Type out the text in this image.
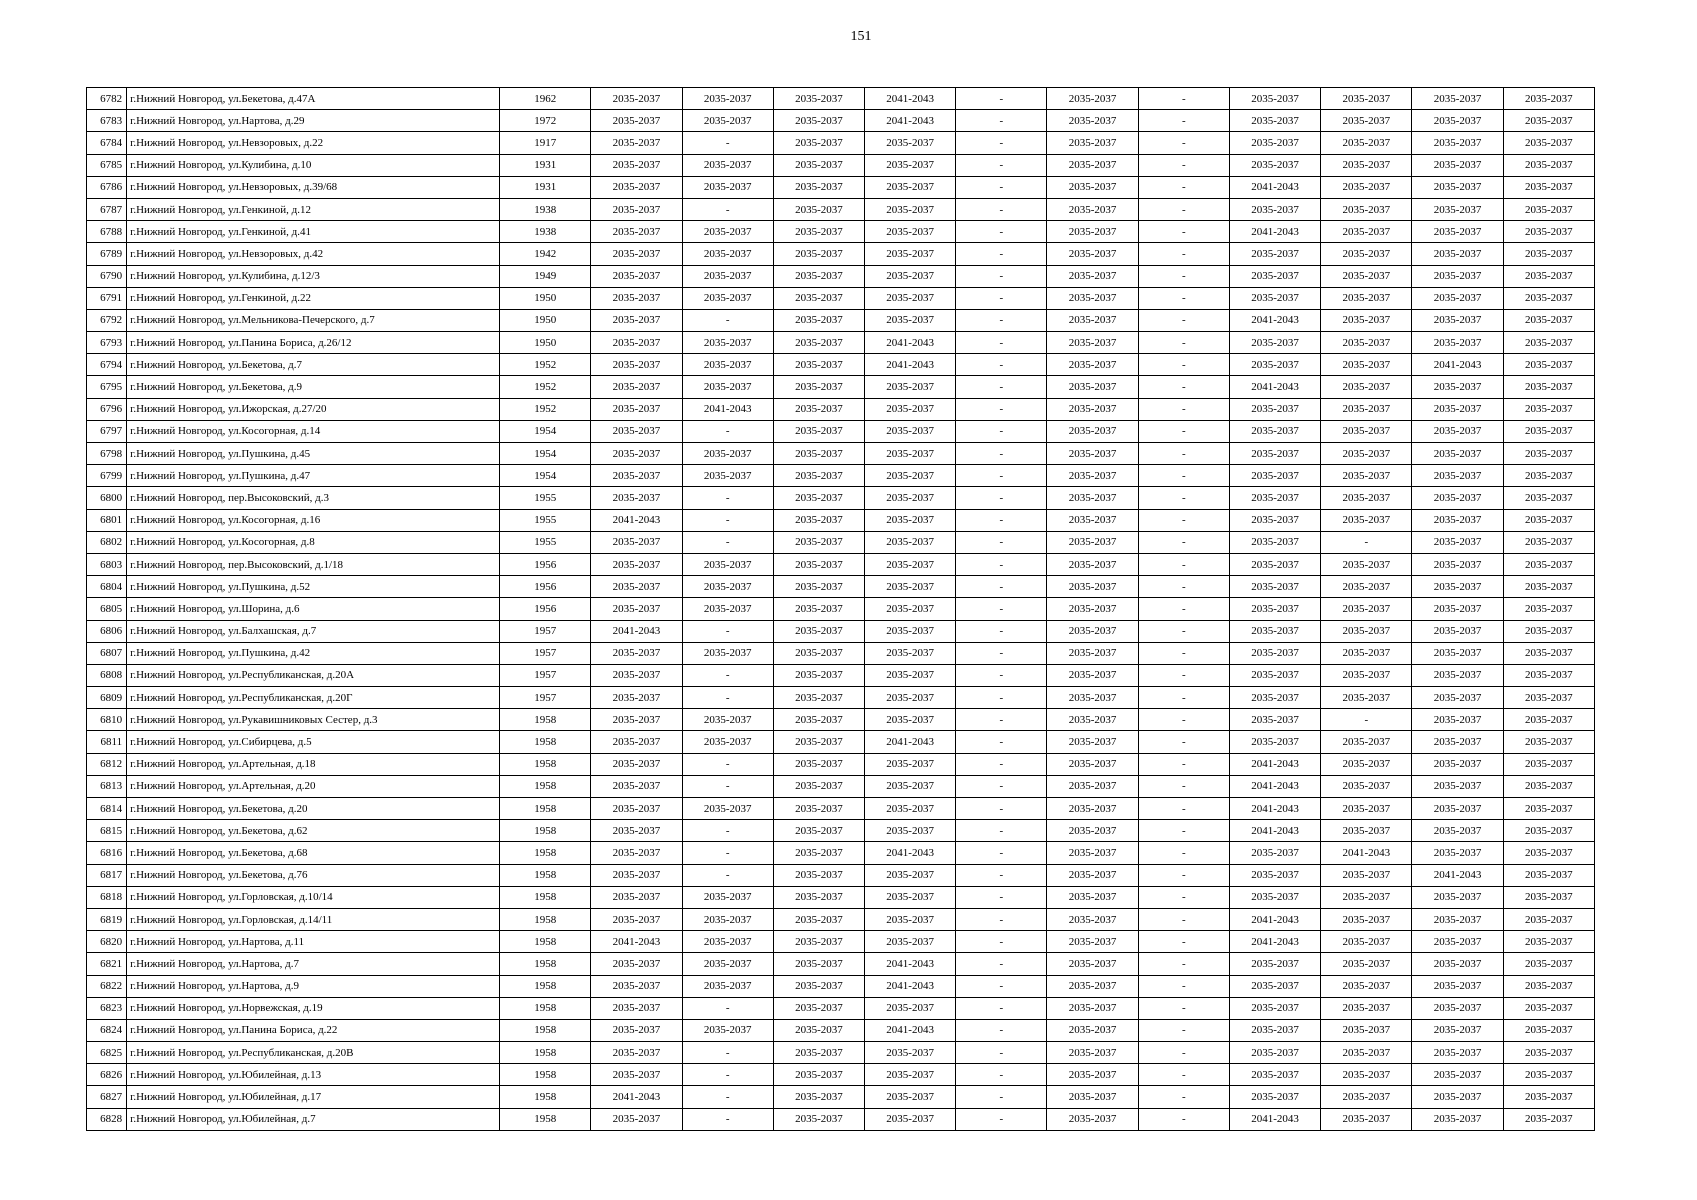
151
6782	г.Нижний Новгород, ул.Бекетова, д.47А	1962	2035-2037	2035-2037	2035-2037	2041-2043	-	2035-2037	-	2035-2037	2035-2037	2035-2037	2035-2037
6783	г.Нижний Новгород, ул.Нартова, д.29	1972	2035-2037	2035-2037	2035-2037	2041-2043	-	2035-2037	-	2035-2037	2035-2037	2035-2037	2035-2037
6784	г.Нижний Новгород, ул.Невзоровых, д.22	1917	2035-2037	-	2035-2037	2035-2037	-	2035-2037	-	2035-2037	2035-2037	2035-2037	2035-2037
6785	г.Нижний Новгород, ул.Кулибина, д.10	1931	2035-2037	2035-2037	2035-2037	2035-2037	-	2035-2037	-	2035-2037	2035-2037	2035-2037	2035-2037
6786	г.Нижний Новгород, ул.Невзоровых, д.39/68	1931	2035-2037	2035-2037	2035-2037	2035-2037	-	2035-2037	-	2041-2043	2035-2037	2035-2037	2035-2037
6787	г.Нижний Новгород, ул.Генкиной, д.12	1938	2035-2037	-	2035-2037	2035-2037	-	2035-2037	-	2035-2037	2035-2037	2035-2037	2035-2037
6788	г.Нижний Новгород, ул.Генкиной, д.41	1938	2035-2037	2035-2037	2035-2037	2035-2037	-	2035-2037	-	2041-2043	2035-2037	2035-2037	2035-2037
6789	г.Нижний Новгород, ул.Невзоровых, д.42	1942	2035-2037	2035-2037	2035-2037	2035-2037	-	2035-2037	-	2035-2037	2035-2037	2035-2037	2035-2037
6790	г.Нижний Новгород, ул.Кулибина, д.12/3	1949	2035-2037	2035-2037	2035-2037	2035-2037	-	2035-2037	-	2035-2037	2035-2037	2035-2037	2035-2037
6791	г.Нижний Новгород, ул.Генкиной, д.22	1950	2035-2037	2035-2037	2035-2037	2035-2037	-	2035-2037	-	2035-2037	2035-2037	2035-2037	2035-2037
6792	г.Нижний Новгород, ул.Мельникова-Печерского, д.7	1950	2035-2037	-	2035-2037	2035-2037	-	2035-2037	-	2041-2043	2035-2037	2035-2037	2035-2037
6793	г.Нижний Новгород, ул.Панина Бориса, д.26/12	1950	2035-2037	2035-2037	2035-2037	2041-2043	-	2035-2037	-	2035-2037	2035-2037	2035-2037	2035-2037
6794	г.Нижний Новгород, ул.Бекетова, д.7	1952	2035-2037	2035-2037	2035-2037	2041-2043	-	2035-2037	-	2035-2037	2035-2037	2041-2043	2035-2037
6795	г.Нижний Новгород, ул.Бекетова, д.9	1952	2035-2037	2035-2037	2035-2037	2035-2037	-	2035-2037	-	2041-2043	2035-2037	2035-2037	2035-2037
6796	г.Нижний Новгород, ул.Ижорская, д.27/20	1952	2035-2037	2041-2043	2035-2037	2035-2037	-	2035-2037	-	2035-2037	2035-2037	2035-2037	2035-2037
6797	г.Нижний Новгород, ул.Косогорная, д.14	1954	2035-2037	-	2035-2037	2035-2037	-	2035-2037	-	2035-2037	2035-2037	2035-2037	2035-2037
6798	г.Нижний Новгород, ул.Пушкина, д.45	1954	2035-2037	2035-2037	2035-2037	2035-2037	-	2035-2037	-	2035-2037	2035-2037	2035-2037	2035-2037
6799	г.Нижний Новгород, ул.Пушкина, д.47	1954	2035-2037	2035-2037	2035-2037	2035-2037	-	2035-2037	-	2035-2037	2035-2037	2035-2037	2035-2037
6800	г.Нижний Новгород, пер.Высоковский, д.3	1955	2035-2037	-	2035-2037	2035-2037	-	2035-2037	-	2035-2037	2035-2037	2035-2037	2035-2037
6801	г.Нижний Новгород, ул.Косогорная, д.16	1955	2041-2043	-	2035-2037	2035-2037	-	2035-2037	-	2035-2037	2035-2037	2035-2037	2035-2037
6802	г.Нижний Новгород, ул.Косогорная, д.8	1955	2035-2037	-	2035-2037	2035-2037	-	2035-2037	-	2035-2037	-	2035-2037	2035-2037
6803	г.Нижний Новгород, пер.Высоковский, д.1/18	1956	2035-2037	2035-2037	2035-2037	2035-2037	-	2035-2037	-	2035-2037	2035-2037	2035-2037	2035-2037
6804	г.Нижний Новгород, ул.Пушкина, д.52	1956	2035-2037	2035-2037	2035-2037	2035-2037	-	2035-2037	-	2035-2037	2035-2037	2035-2037	2035-2037
6805	г.Нижний Новгород, ул.Шорина, д.6	1956	2035-2037	2035-2037	2035-2037	2035-2037	-	2035-2037	-	2035-2037	2035-2037	2035-2037	2035-2037
6806	г.Нижний Новгород, ул.Балхашская, д.7	1957	2041-2043	-	2035-2037	2035-2037	-	2035-2037	-	2035-2037	2035-2037	2035-2037	2035-2037
6807	г.Нижний Новгород, ул.Пушкина, д.42	1957	2035-2037	2035-2037	2035-2037	2035-2037	-	2035-2037	-	2035-2037	2035-2037	2035-2037	2035-2037
6808	г.Нижний Новгород, ул.Республиканская, д.20А	1957	2035-2037	-	2035-2037	2035-2037	-	2035-2037	-	2035-2037	2035-2037	2035-2037	2035-2037
6809	г.Нижний Новгород, ул.Республиканская, д.20Г	1957	2035-2037	-	2035-2037	2035-2037	-	2035-2037	-	2035-2037	2035-2037	2035-2037	2035-2037
6810	г.Нижний Новгород, ул.Рукавишниковых Сестер, д.3	1958	2035-2037	2035-2037	2035-2037	2035-2037	-	2035-2037	-	2035-2037	-	2035-2037	2035-2037
6811	г.Нижний Новгород, ул.Сибирцева, д.5	1958	2035-2037	2035-2037	2035-2037	2041-2043	-	2035-2037	-	2035-2037	2035-2037	2035-2037	2035-2037
6812	г.Нижний Новгород, ул.Артельная, д.18	1958	2035-2037	-	2035-2037	2035-2037	-	2035-2037	-	2041-2043	2035-2037	2035-2037	2035-2037
6813	г.Нижний Новгород, ул.Артельная, д.20	1958	2035-2037	-	2035-2037	2035-2037	-	2035-2037	-	2041-2043	2035-2037	2035-2037	2035-2037
6814	г.Нижний Новгород, ул.Бекетова, д.20	1958	2035-2037	2035-2037	2035-2037	2035-2037	-	2035-2037	-	2041-2043	2035-2037	2035-2037	2035-2037
6815	г.Нижний Новгород, ул.Бекетова, д.62	1958	2035-2037	-	2035-2037	2035-2037	-	2035-2037	-	2041-2043	2035-2037	2035-2037	2035-2037
6816	г.Нижний Новгород, ул.Бекетова, д.68	1958	2035-2037	-	2035-2037	2041-2043	-	2035-2037	-	2035-2037	2041-2043	2035-2037	2035-2037
6817	г.Нижний Новгород, ул.Бекетова, д.76	1958	2035-2037	-	2035-2037	2035-2037	-	2035-2037	-	2035-2037	2035-2037	2041-2043	2035-2037
6818	г.Нижний Новгород, ул.Горловская, д.10/14	1958	2035-2037	2035-2037	2035-2037	2035-2037	-	2035-2037	-	2035-2037	2035-2037	2035-2037	2035-2037
6819	г.Нижний Новгород, ул.Горловская, д.14/11	1958	2035-2037	2035-2037	2035-2037	2035-2037	-	2035-2037	-	2041-2043	2035-2037	2035-2037	2035-2037
6820	г.Нижний Новгород, ул.Нартова, д.11	1958	2041-2043	2035-2037	2035-2037	2035-2037	-	2035-2037	-	2041-2043	2035-2037	2035-2037	2035-2037
6821	г.Нижний Новгород, ул.Нартова, д.7	1958	2035-2037	2035-2037	2035-2037	2041-2043	-	2035-2037	-	2035-2037	2035-2037	2035-2037	2035-2037
6822	г.Нижний Новгород, ул.Нартова, д.9	1958	2035-2037	2035-2037	2035-2037	2041-2043	-	2035-2037	-	2035-2037	2035-2037	2035-2037	2035-2037
6823	г.Нижний Новгород, ул.Норвежская, д.19	1958	2035-2037	-	2035-2037	2035-2037	-	2035-2037	-	2035-2037	2035-2037	2035-2037	2035-2037
6824	г.Нижний Новгород, ул.Панина Бориса, д.22	1958	2035-2037	2035-2037	2035-2037	2041-2043	-	2035-2037	-	2035-2037	2035-2037	2035-2037	2035-2037
6825	г.Нижний Новгород, ул.Республиканская, д.20В	1958	2035-2037	-	2035-2037	2035-2037	-	2035-2037	-	2035-2037	2035-2037	2035-2037	2035-2037
6826	г.Нижний Новгород, ул.Юбилейная, д.13	1958	2035-2037	-	2035-2037	2035-2037	-	2035-2037	-	2035-2037	2035-2037	2035-2037	2035-2037
6827	г.Нижний Новгород, ул.Юбилейная, д.17	1958	2041-2043	-	2035-2037	2035-2037	-	2035-2037	-	2035-2037	2035-2037	2035-2037	2035-2037
6828	г.Нижний Новгород, ул.Юбилейная, д.7	1958	2035-2037	-	2035-2037	2035-2037	-	2035-2037	-	2041-2043	2035-2037	2035-2037	2035-2037
